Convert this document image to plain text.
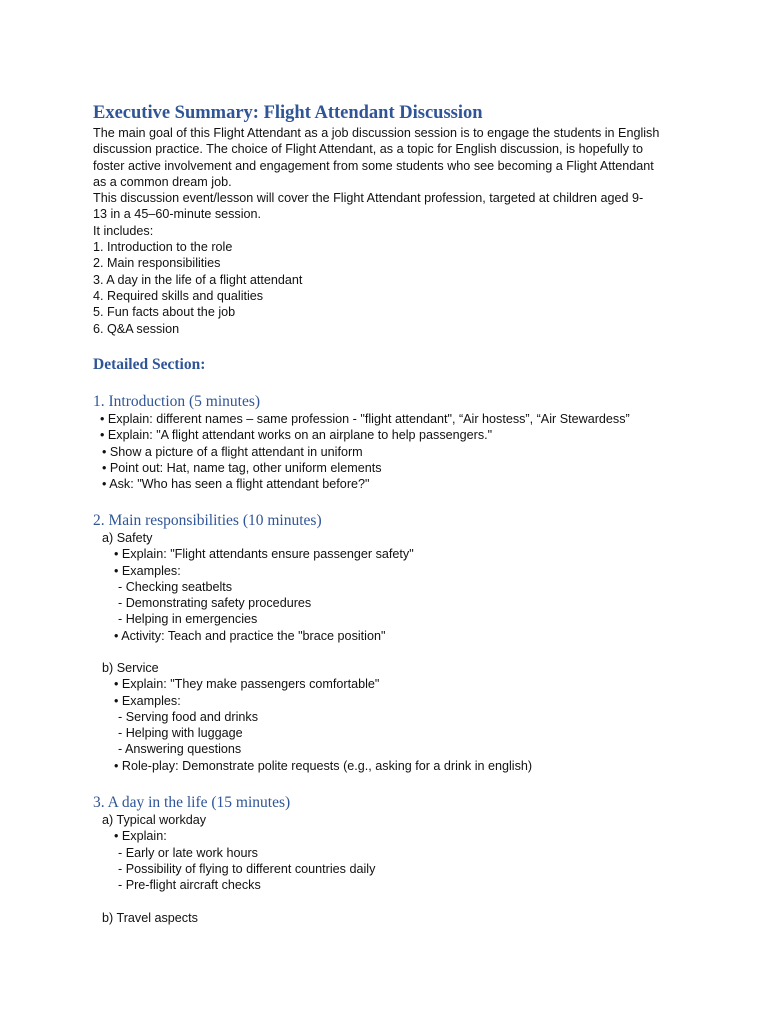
Executive Summary: Flight Attendant Discussion
The main goal of this Flight Attendant as a job discussion session is to engage the students in English
discussion practice. The choice of Flight Attendant, as a topic for English discussion, is hopefully to
foster active involvement and engagement from some students who see becoming a Flight Attendant
as a common dream job.
This discussion event/lesson will cover the Flight Attendant profession, targeted at children aged 9-
13 in a 45–60-minute session.
It includes:
1. Introduction to the role
2. Main responsibilities
3. A day in the life of a flight attendant
4. Required skills and qualities
5. Fun facts about the job
6. Q&A session
Detailed Section:
1. Introduction (5 minutes)
• Explain: different names – same profession - "flight attendant", “Air hostess”, “Air Stewardess”
• Explain: "A flight attendant works on an airplane to help passengers."
• Show a picture of a flight attendant in uniform
• Point out: Hat, name tag, other uniform elements
• Ask: "Who has seen a flight attendant before?"
2. Main responsibilities (10 minutes)
a) Safety
• Explain: "Flight attendants ensure passenger safety"
• Examples:
- Checking seatbelts
- Demonstrating safety procedures
- Helping in emergencies
• Activity: Teach and practice the "brace position"
b) Service
• Explain: "They make passengers comfortable"
• Examples:
- Serving food and drinks
- Helping with luggage
- Answering questions
• Role-play: Demonstrate polite requests (e.g., asking for a drink in english)
3. A day in the life (15 minutes)
a) Typical workday
• Explain:
- Early or late work hours
- Possibility of flying to different countries daily
- Pre-flight aircraft checks
b) Travel aspects
